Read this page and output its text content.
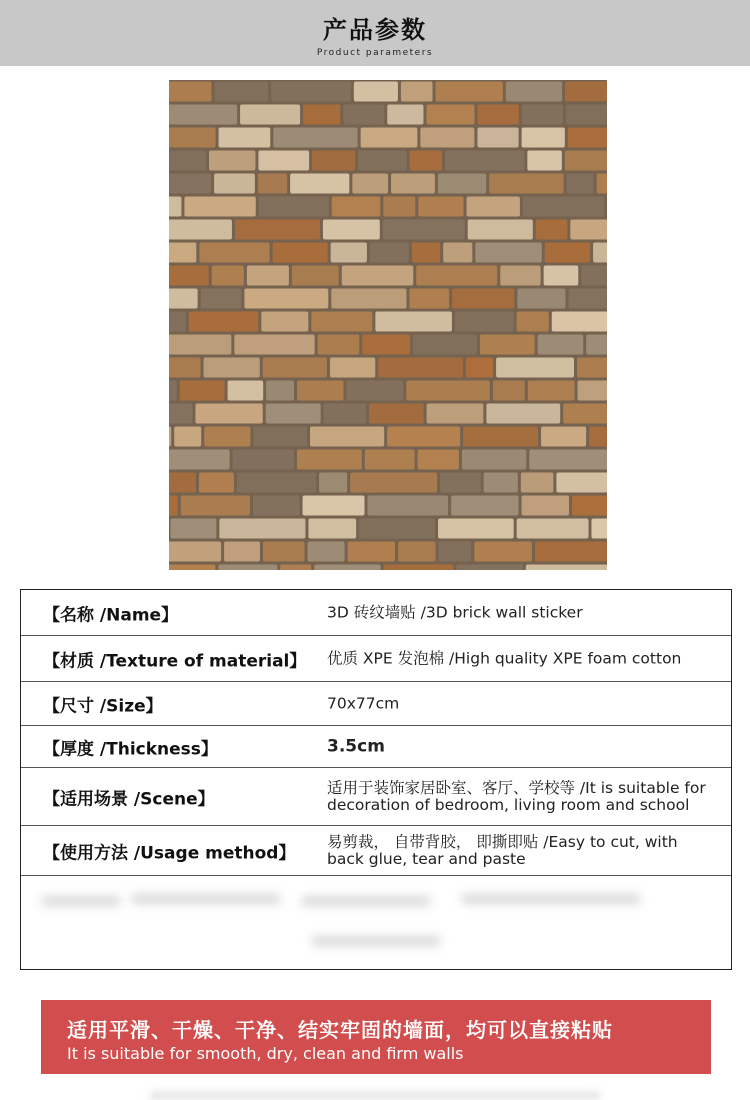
产品参数
Product parameters
【名称 /Name】	3D 砖纹墙贴 /3D brick wall sticker
【材质 /Texture of material】 优质 XPE 发泡棉 /High quality XPE foam cotton
【尺寸 /Size】	70x77cm
【厚度 /Thickness】	3.5cm
【适用场景 /Scene】
适用于装饰家居卧室、客厅、学校等 /It is suitable for decoration of bedroom, living room and school
【使用方法 /Usage method】
易剪裁， 自带背胶， 即撕即贴 /Easy to cut, with back glue, tear and paste
适用平滑、干燥、干净、结实牢固的墙面，均可以直接粘贴
It is suitable for smooth, dry, clean and firm walls
